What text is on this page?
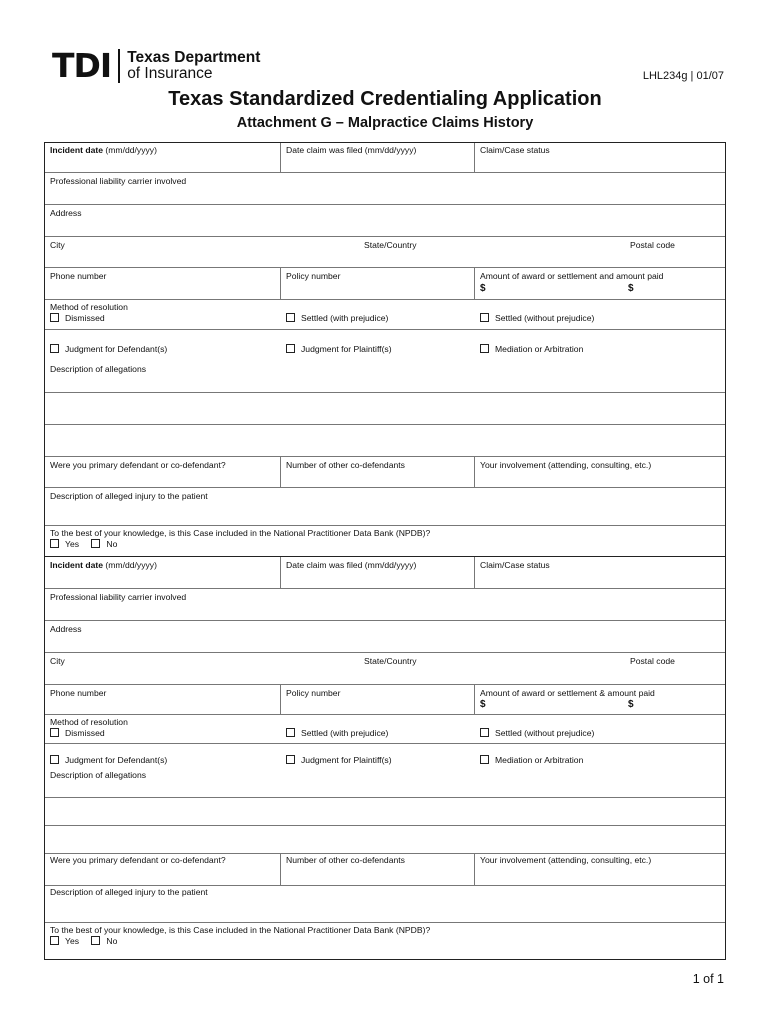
TDI Texas Department
of Insurance	LHL234g | 01/07
Texas Standardized Credentialing Application
Attachment G – Malpractice Claims History
Incident date (mm/dd/yyyy)	Date claim was filed (mm/dd/yyyy)	Claim/Case status
Professional liability carrier involved
Address
City	State/Country	Postal code
Phone number	Policy number	Amount of award or settlement and amount paid
$	$
Method of resolution
Dismissed	Settled (with prejudice)	Settled (without prejudice)
Judgment for Defendant(s)	Judgment for Plaintiff(s)	Mediation or Arbitration
Description of allegations
Were you primary defendant or co-defendant?	Number of other co-defendants	Your involvement (attending, consulting, etc.)
Description of alleged injury to the patient
To the best of your knowledge, is this Case included in the National Practitioner Data Bank (NPDB)?
Yes	No
Incident date (mm/dd/yyyy)	Date claim was filed (mm/dd/yyyy)	Claim/Case status
Professional liability carrier involved
Address
City	State/Country	Postal code
Phone number	Policy number	Amount of award or settlement & amount paid
$	$
Method of resolution
Dismissed	Settled (with prejudice)	Settled (without prejudice)
Judgment for Defendant(s)	Judgment for Plaintiff(s)	Mediation or Arbitration
Description of allegations
Were you primary defendant or co-defendant?	Number of other co-defendants	Your involvement (attending, consulting, etc.)
Description of alleged injury to the patient
To the best of your knowledge, is this Case included in the National Practitioner Data Bank (NPDB)?
Yes	No
1 of 1
